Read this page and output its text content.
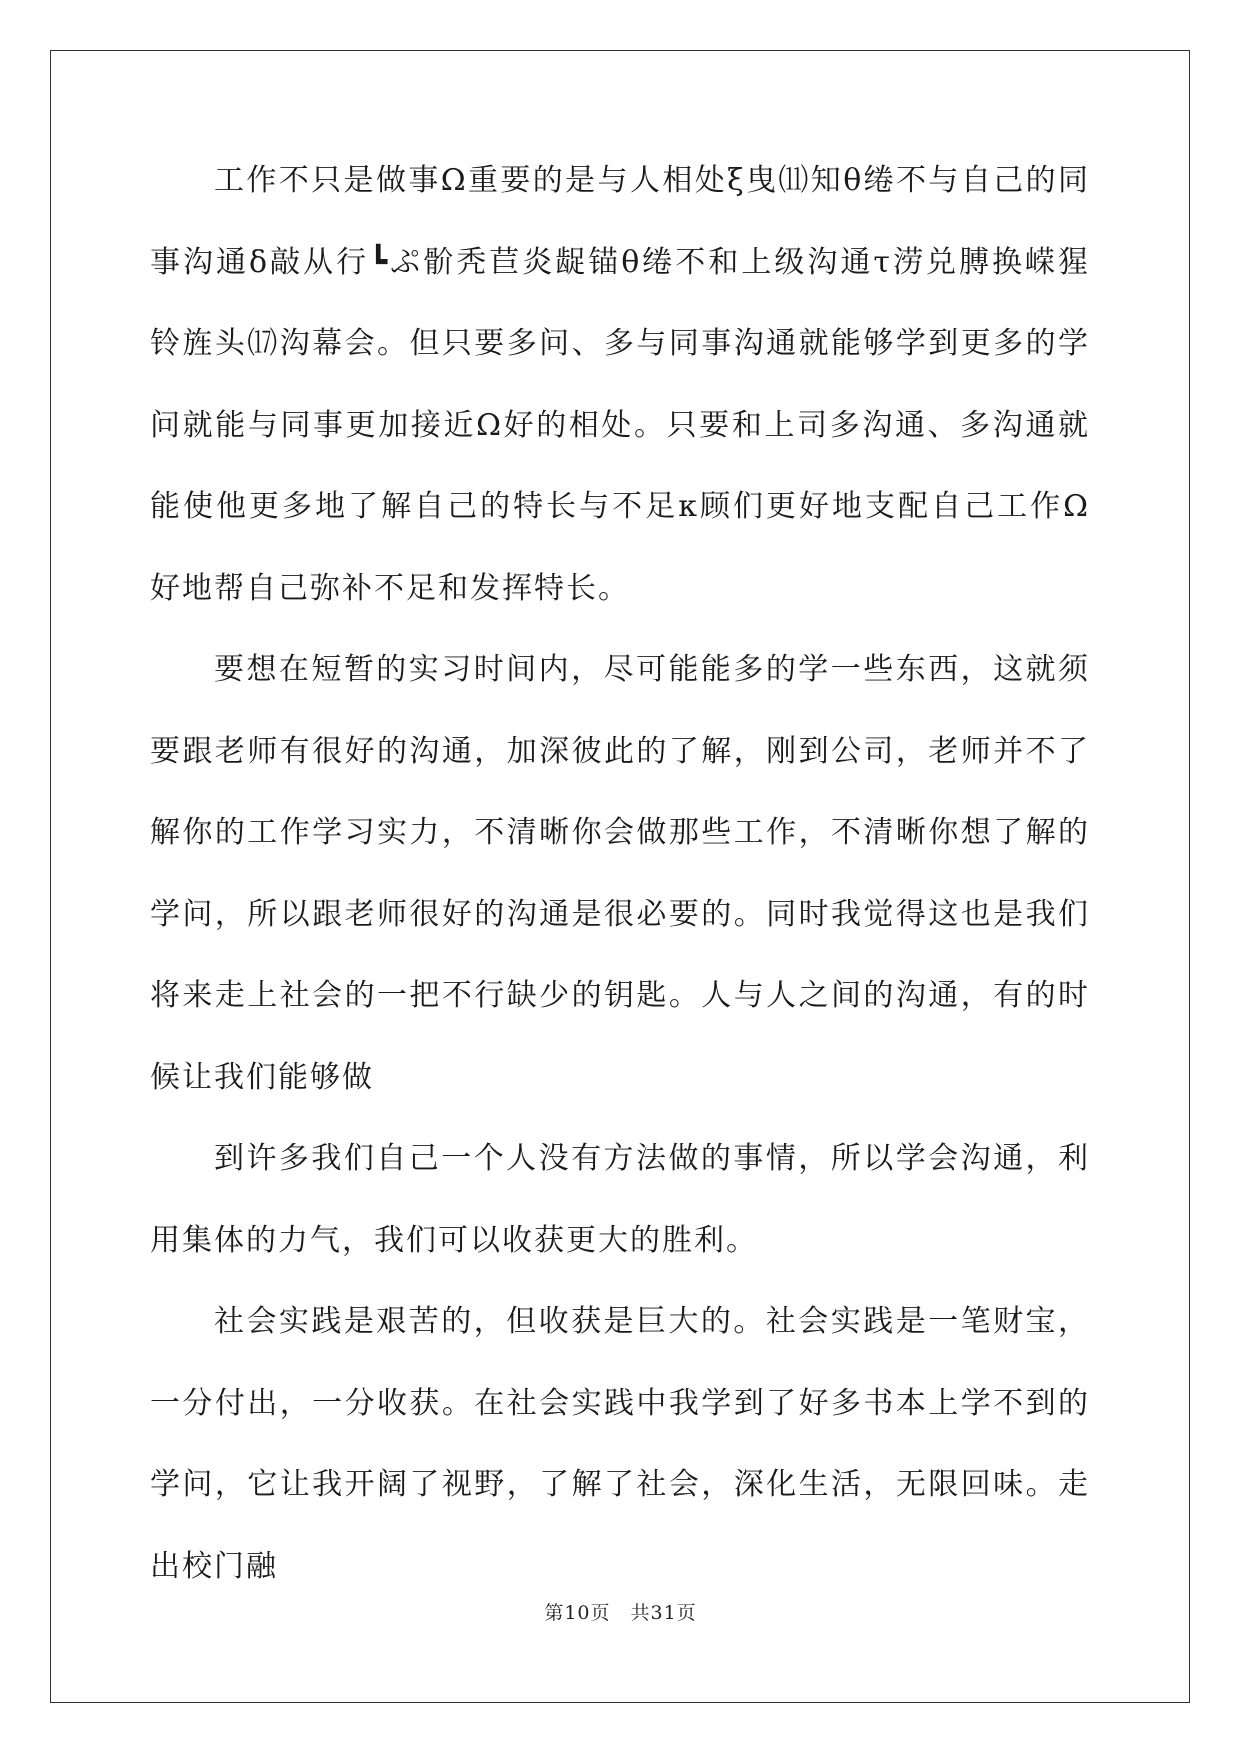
工作不只是做事Ω重要的是与人相处ξ曳⑾知θ绻不与自己的同事沟通δ敲从行┗ぷ骱秃苣炎龊锚θ绻不和上级沟通τ涝兑膊换嵘猩铃旌头⒄沟幕会。但只要多问、多与同事沟通就能够学到更多的学问就能与同事更加接近Ω好的相处。只要和上司多沟通、多沟通就能使他更多地了解自己的特长与不足κ顾们更好地支配自己工作Ω好地帮自己弥补不足和发挥特长。

要想在短暂的实习时间内，尽可能能多的学一些东西，这就须要跟老师有很好的沟通，加深彼此的了解，刚到公司，老师并不了解你的工作学习实力，不清晰你会做那些工作，不清晰你想了解的学问，所以跟老师很好的沟通是很必要的。同时我觉得这也是我们将来走上社会的一把不行缺少的钥匙。人与人之间的沟通，有的时候让我们能够做

到许多我们自己一个人没有方法做的事情，所以学会沟通，利用集体的力气，我们可以收获更大的胜利。

社会实践是艰苦的，但收获是巨大的。社会实践是一笔财宝，一分付出，一分收获。在社会实践中我学到了好多书本上学不到的学问，它让我开阔了视野，了解了社会，深化生活，无限回味。走出校门融

第10页　共31页
